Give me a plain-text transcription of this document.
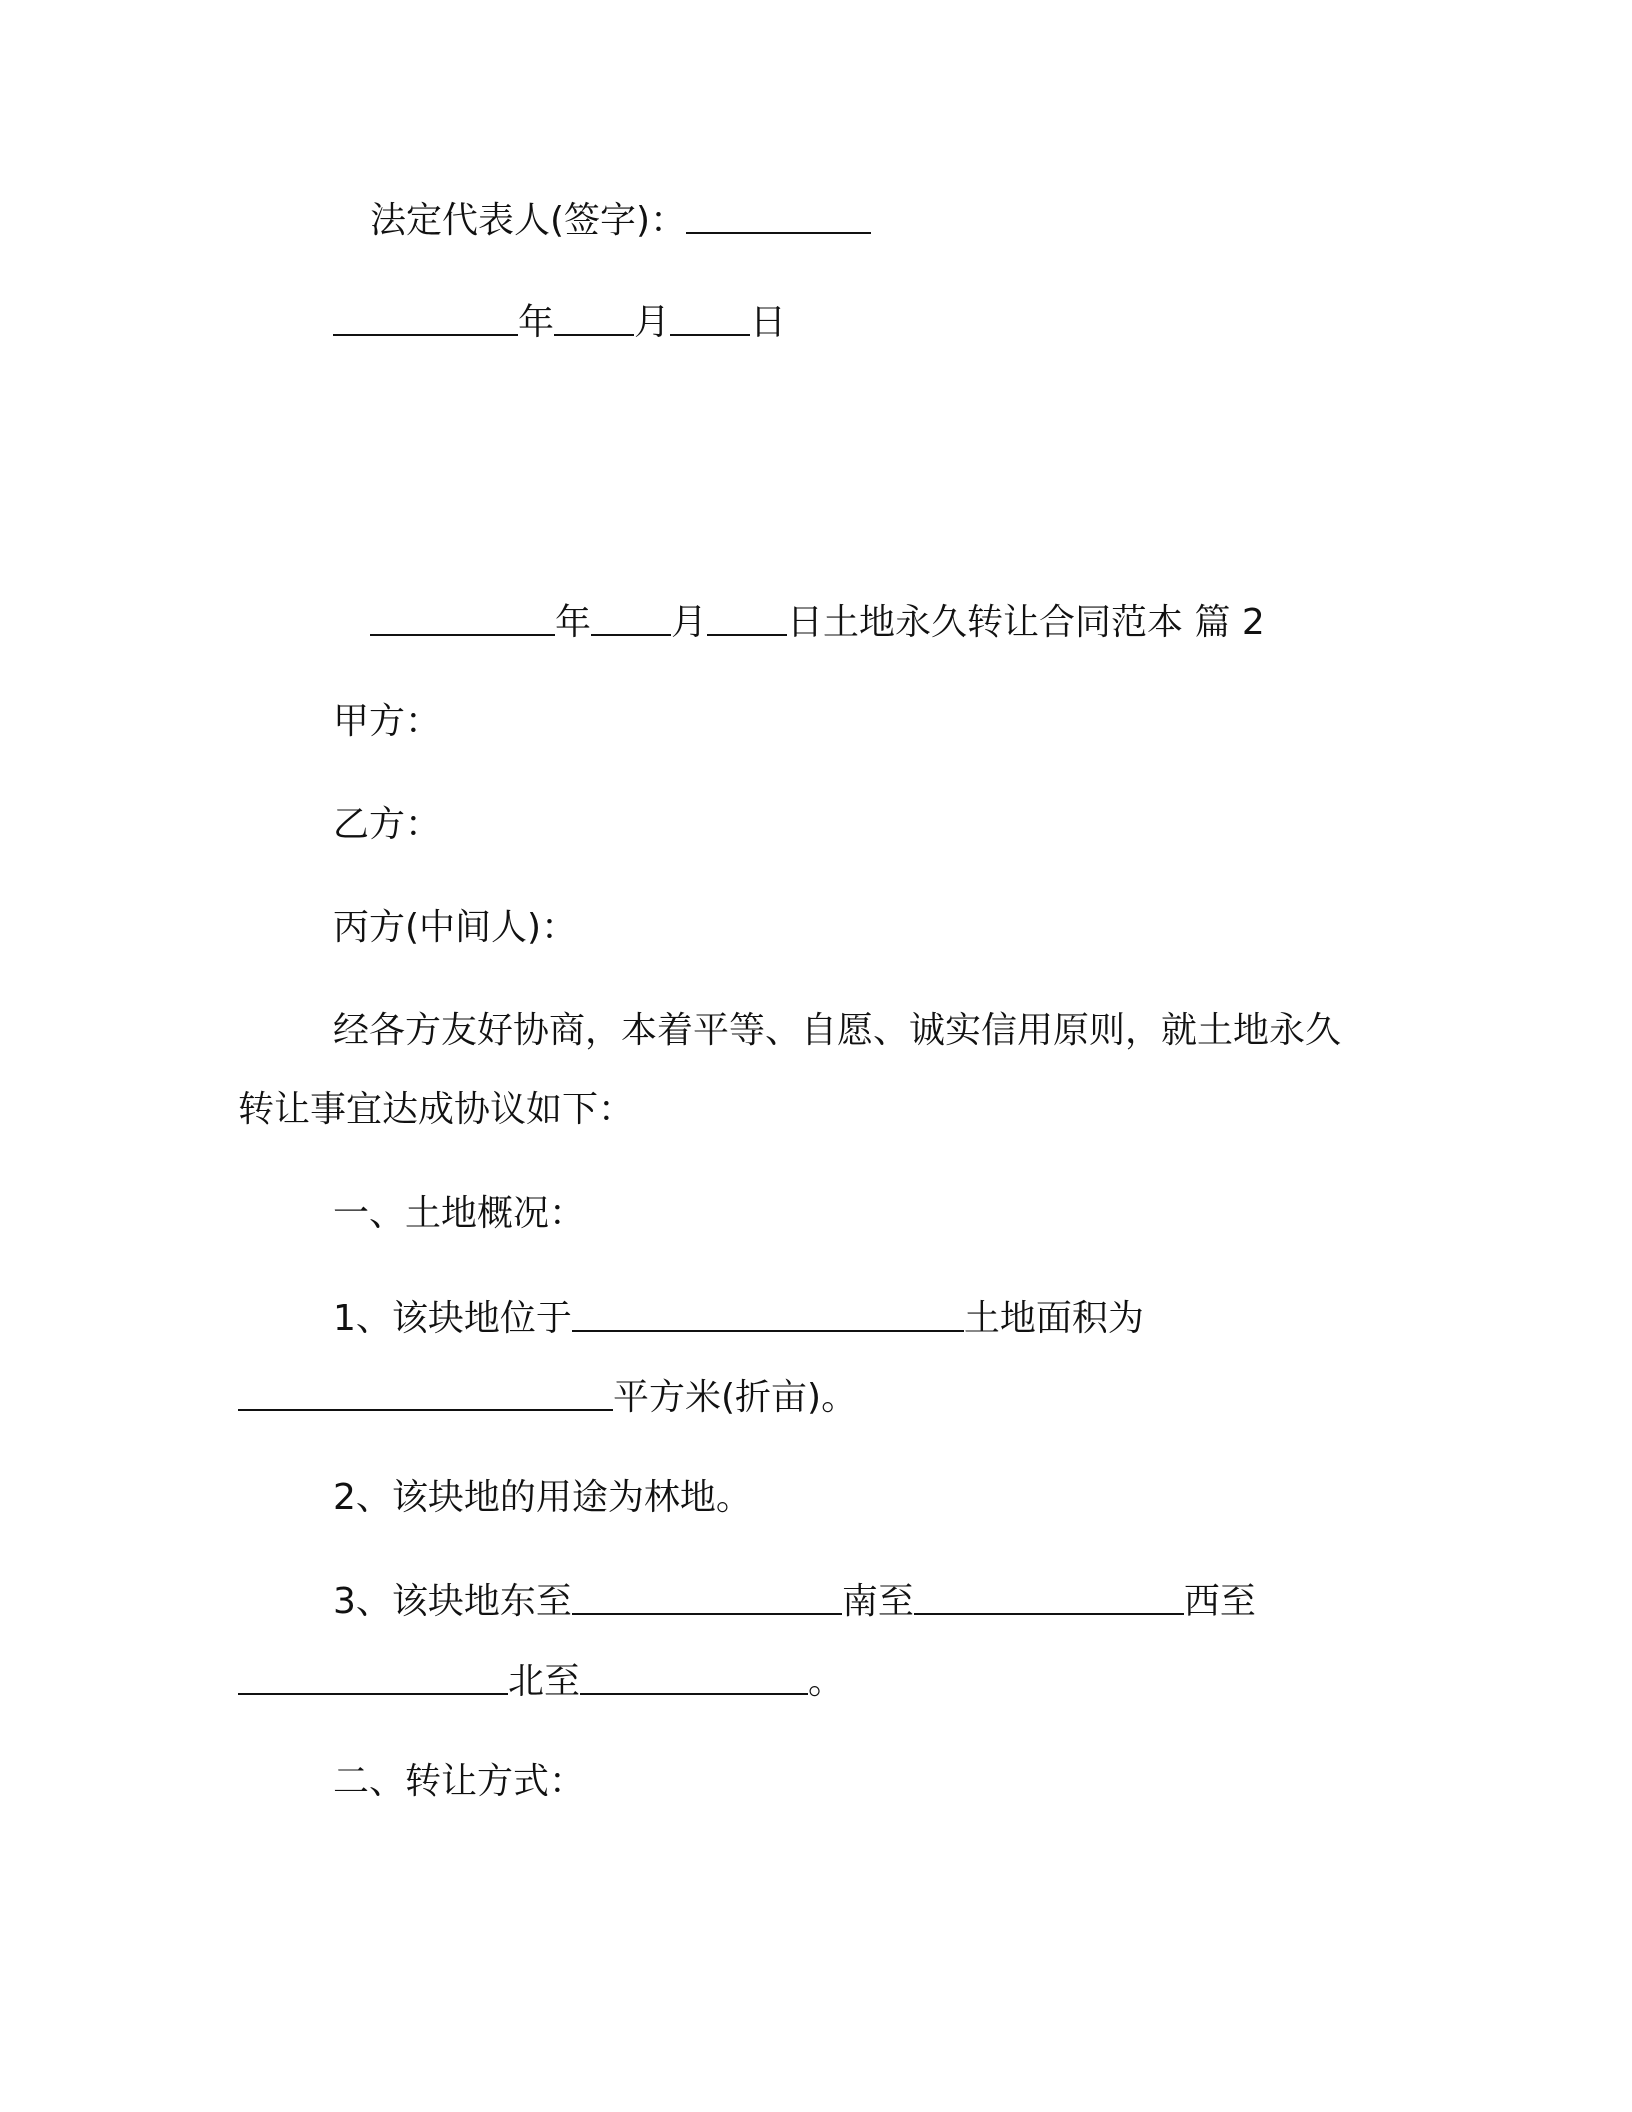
法定代表人(签字)：
年 月 日
年 月 日土地永久转让合同范本 篇 2
甲方：
乙方：
丙方(中间人)：
经各方友好协商，本着平等、自愿、诚实信用原则，就土地永久
转让事宜达成协议如下：
一、土地概况：
1、该块地位于	土地面积为
平方米(折亩)。
2、该块地的用途为林地。
3、该块地东至	南至	西至
北至	。
二、转让方式：
